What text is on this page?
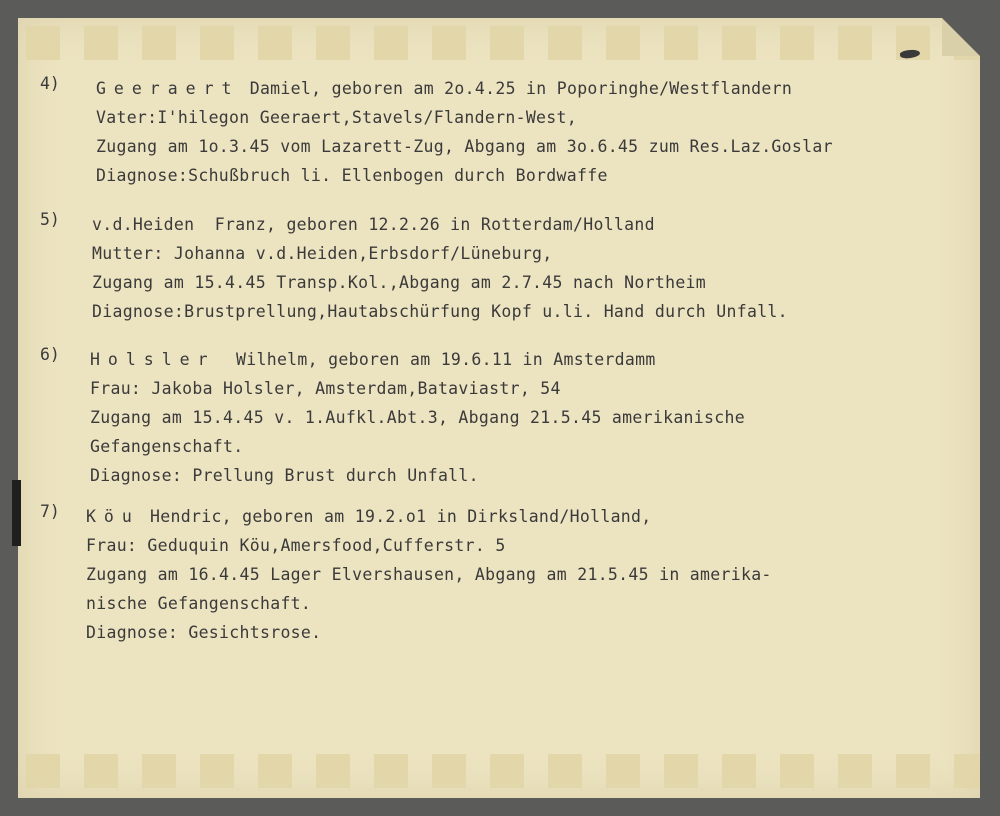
4)	Geeraert Damiel, geboren am 2o.4.25 in Poporinghe/Westflandern
Vater:I'hilegon Geeraert,Stavels/Flandern-West,
Zugang am 1o.3.45 vom Lazarett-Zug, Abgang am 3o.6.45 zum Res.Laz.Goslar
Diagnose:Schußbruch li. Ellenbogen durch Bordwaffe
5)	v.d.Heiden  Franz, geboren 12.2.26 in Rotterdam/Holland
Mutter: Johanna v.d.Heiden,Erbsdorf/Lüneburg,
Zugang am 15.4.45 Transp.Kol.,Abgang am 2.7.45 nach Northeim
Diagnose:Brustprellung,Hautabschürfung Kopf u.li. Hand durch Unfall.
6)	Holsler  Wilhelm, geboren am 19.6.11 in Amsterdamm
Frau: Jakoba Holsler, Amsterdam,Bataviastr, 54
Zugang am 15.4.45 v. 1.Aufkl.Abt.3, Abgang 21.5.45 amerikanische
Gefangenschaft.
Diagnose: Prellung Brust durch Unfall.
7)	Köu Hendric, geboren am 19.2.o1 in Dirksland/Holland,
Frau: Geduquin Köu,Amersfood,Cufferstr. 5
Zugang am 16.4.45 Lager Elvershausen, Abgang am 21.5.45 in amerika-
nische Gefangenschaft.
Diagnose: Gesichtsrose.
